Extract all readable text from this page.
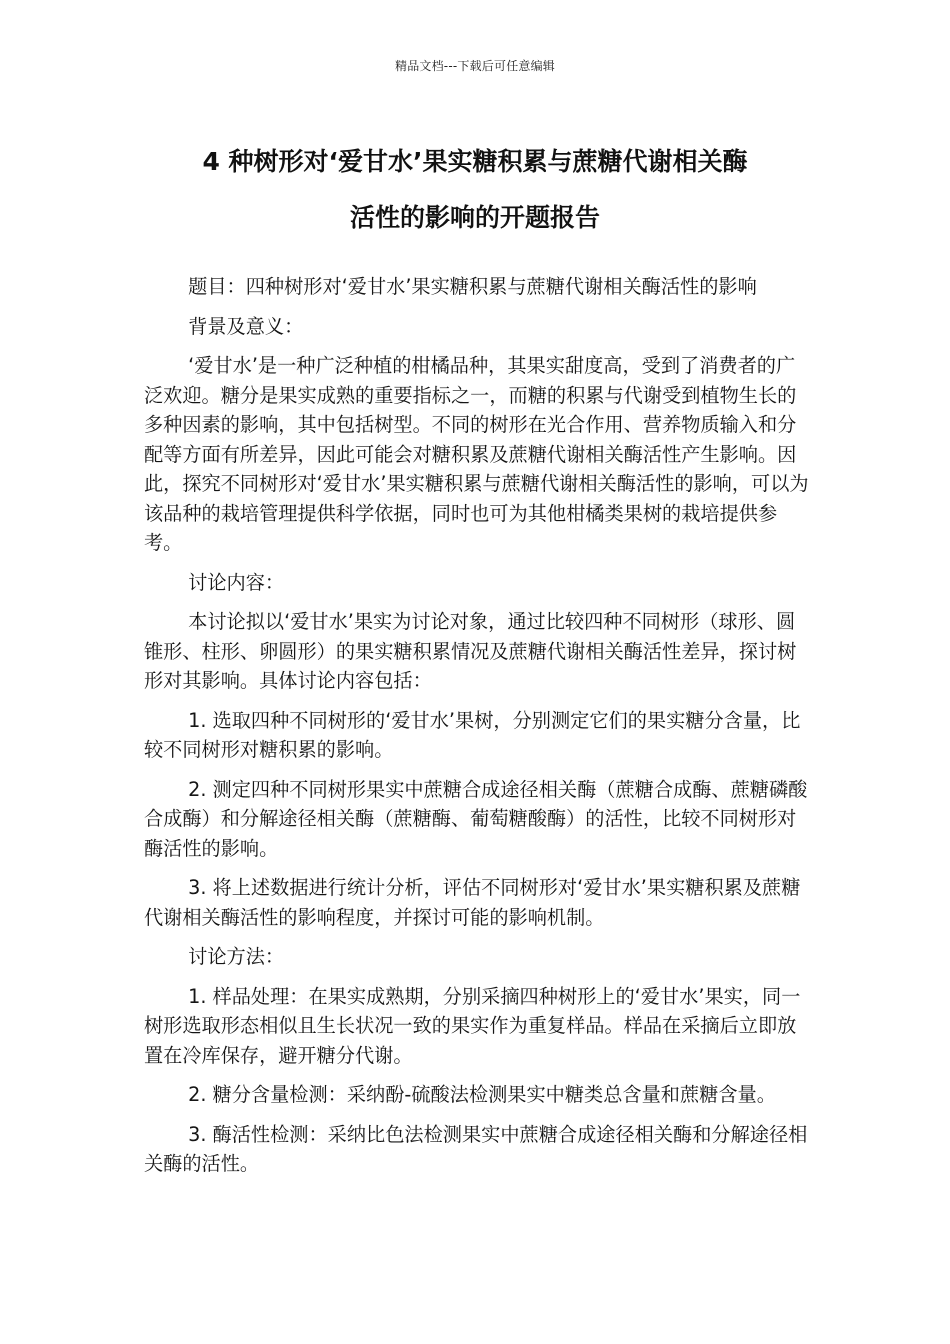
精品文档---下载后可任意编辑
4 种树形对‘爱甘水’果实糖积累与蔗糖代谢相关酶
活性的影响的开题报告

题目：四种树形对‘爱甘水’果实糖积累与蔗糖代谢相关酶活性的影响

背景及意义：

‘爱甘水’是一种广泛种植的柑橘品种，其果实甜度高，受到了消费者的广泛欢迎。糖分是果实成熟的重要指标之一，而糖的积累与代谢受到植物生长的多种因素的影响，其中包括树型。不同的树形在光合作用、营养物质输入和分配等方面有所差异，因此可能会对糖积累及蔗糖代谢相关酶活性产生影响。因此，探究不同树形对‘爱甘水’果实糖积累与蔗糖代谢相关酶活性的影响，可以为该品种的栽培管理提供科学依据，同时也可为其他柑橘类果树的栽培提供参考。

讨论内容：

本讨论拟以‘爱甘水’果实为讨论对象，通过比较四种不同树形（球形、圆锥形、柱形、卵圆形）的果实糖积累情况及蔗糖代谢相关酶活性差异，探讨树形对其影响。具体讨论内容包括：

1. 选取四种不同树形的‘爱甘水’果树，分别测定它们的果实糖分含量，比较不同树形对糖积累的影响。

2. 测定四种不同树形果实中蔗糖合成途径相关酶（蔗糖合成酶、蔗糖磷酸合成酶）和分解途径相关酶（蔗糖酶、葡萄糖酸酶）的活性，比较不同树形对酶活性的影响。

3. 将上述数据进行统计分析，评估不同树形对‘爱甘水’果实糖积累及蔗糖代谢相关酶活性的影响程度，并探讨可能的影响机制。

讨论方法：

1. 样品处理：在果实成熟期，分别采摘四种树形上的‘爱甘水’果实，同一树形选取形态相似且生长状况一致的果实作为重复样品。样品在采摘后立即放置在冷库保存，避开糖分代谢。

2. 糖分含量检测：采纳酚-硫酸法检测果实中糖类总含量和蔗糖含量。

3. 酶活性检测：采纳比色法检测果实中蔗糖合成途径相关酶和分解途径相关酶的活性。
